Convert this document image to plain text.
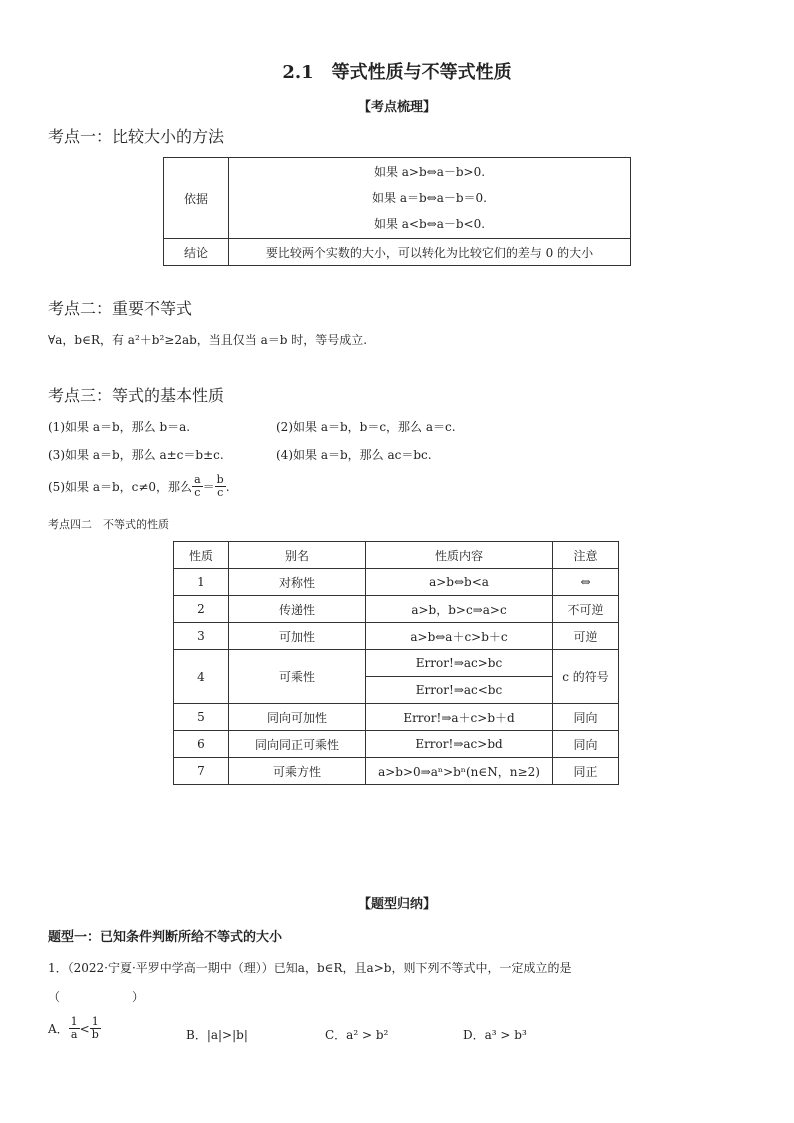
2.1　等式性质与不等式性质
【考点梳理】
考点一：比较大小的方法
依据	如果 a>b⇔a－b>0.
如果 a＝b⇔a－b＝0.
如果 a<b⇔a－b<0.

结论	要比较两个实数的大小，可以转化为比较它们的差与 0 的大小
考点二：重要不等式
∀a，b∈R，有 a²＋b²≥2ab，当且仅当 a＝b 时，等号成立.
考点三：等式的基本性质
(1)如果 a＝b，那么 b＝a.	(2)如果 a＝b，b＝c，那么 a＝c.
(3)如果 a＝b，那么 a±c＝b±c.	(4)如果 a＝b，那么 ac＝bc.
(5)如果 a＝b，c≠0，那么 $\frac{a}{c} = \frac{b}{c}$ .
考点四二　不等式的性质
性质	别名	性质内容	注意
1	对称性	a>b⇔b<a	⇔
2	传递性	a>b，b>c⇒a>c	不可逆
3	可加性	a>b⇔a＋c>b＋c	可逆
4	可乘性	Error!⇒ac>bc	c 的符号
		Error!⇒ac<bc	
5	同向可加性	Error!⇒a＋c>b＋d	同向
6	同向同正可乘性	Error!⇒ac>bd	同向
7	可乘方性	a>b>0⇒aⁿ>bⁿ(n∈N，n≥2)	同正
【题型归纳】
题型一：已知条件判断所给不等式的大小
1．（2022·宁夏·平罗中学高一期中（理））已知a，b∈R，且a>b，则下列不等式中，一定成立的是
（　　　　　　）
A． $\frac{1}{a} < \frac{1}{b}$	B．|a|>|b|	C．a² > b²	D．a³ > b³
